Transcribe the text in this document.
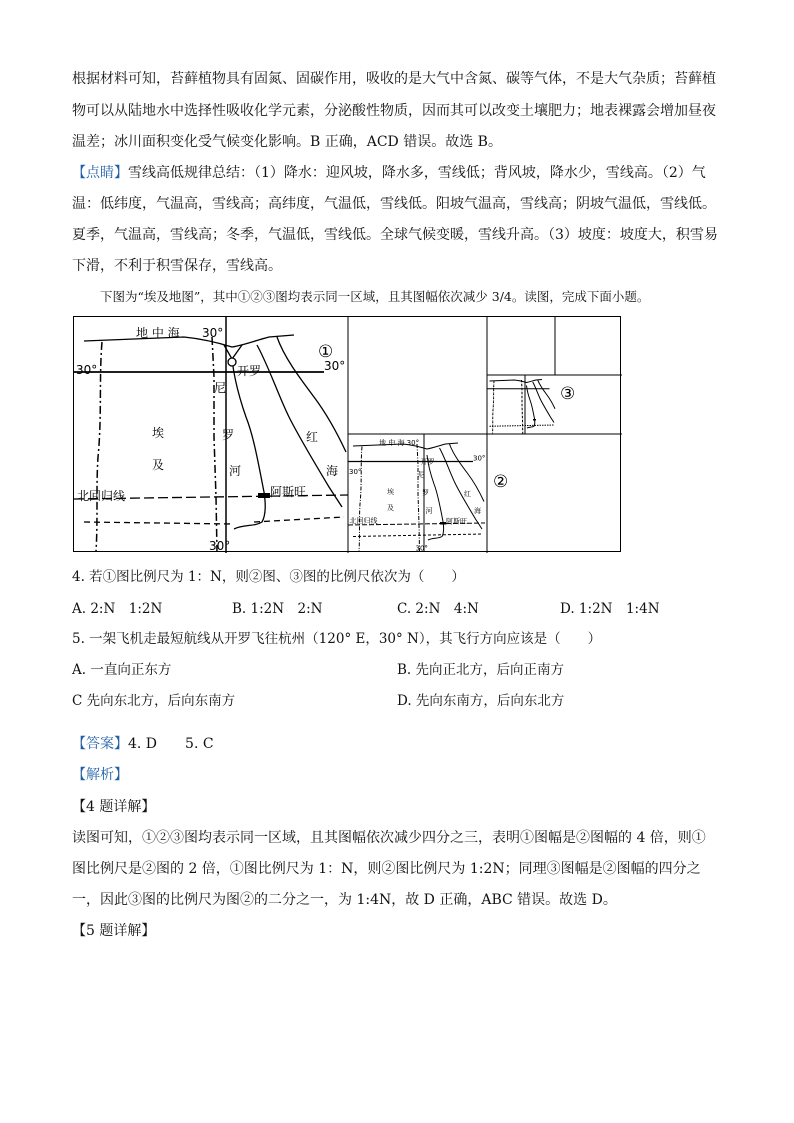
根据材料可知，苔藓植物具有固氮、固碳作用，吸收的是大气中含氮、碳等气体，不是大气杂质；苔藓植
物可以从陆地水中选择性吸收化学元素，分泌酸性物质，因而其可以改变土壤肥力；地表裸露会增加昼夜
温差；冰川面积变化受气候变化影响。B 正确，ACD 错误。故选 B。
【点睛】雪线高低规律总结：（1）降水：迎风坡，降水多，雪线低；背风坡，降水少，雪线高。（2）气
温：低纬度，气温高，雪线高；高纬度，气温低，雪线低。阳坡气温高，雪线高；阴坡气温低，雪线低。
夏季，气温高，雪线高；冬季，气温低，雪线低。全球气候变暖，雪线升高。（3）坡度：坡度大，积雪易
下滑，不利于积雪保存，雪线高。
下图为“埃及地图”，其中①②③图均表示同一区域，且其图幅依次减少 3/4。读图，完成下面小题。
地 中 海 30°
30°	30°
30°
开罗
尼
罗
河
埃
及
红
海
北回归线	阿斯旺
①
地 中 海 30°
开罗
30°
30°
30°
尼
罗
河
埃
及
红
海
北回归线	阿斯旺
②
③
4. 若①图比例尺为 1：N，则②图、③图的比例尺依次为（　　）
A. 2:N　1:2N	B. 1:2N　2:N	C. 2:N　4:N	D. 1:2N　1:4N
5. 一架飞机走最短航线从开罗飞往杭州（120° E，30° N），其飞行方向应该是（　　）
A. 一直向正东方	B. 先向正北方，后向正南方
C 先向东北方，后向东南方	D. 先向东南方，后向东北方
【答案】4. D　　5. C
【解析】
【4 题详解】
读图可知，①②③图均表示同一区域，且其图幅依次减少四分之三，表明①图幅是②图幅的 4 倍，则①
图比例尺是②图的 2 倍，①图比例尺为 1：N，则②图比例尺为 1:2N；同理③图幅是②图幅的四分之
一，因此③图的比例尺为图②的二分之一，为 1:4N，故 D 正确，ABC 错误。故选 D。
【5 题详解】
